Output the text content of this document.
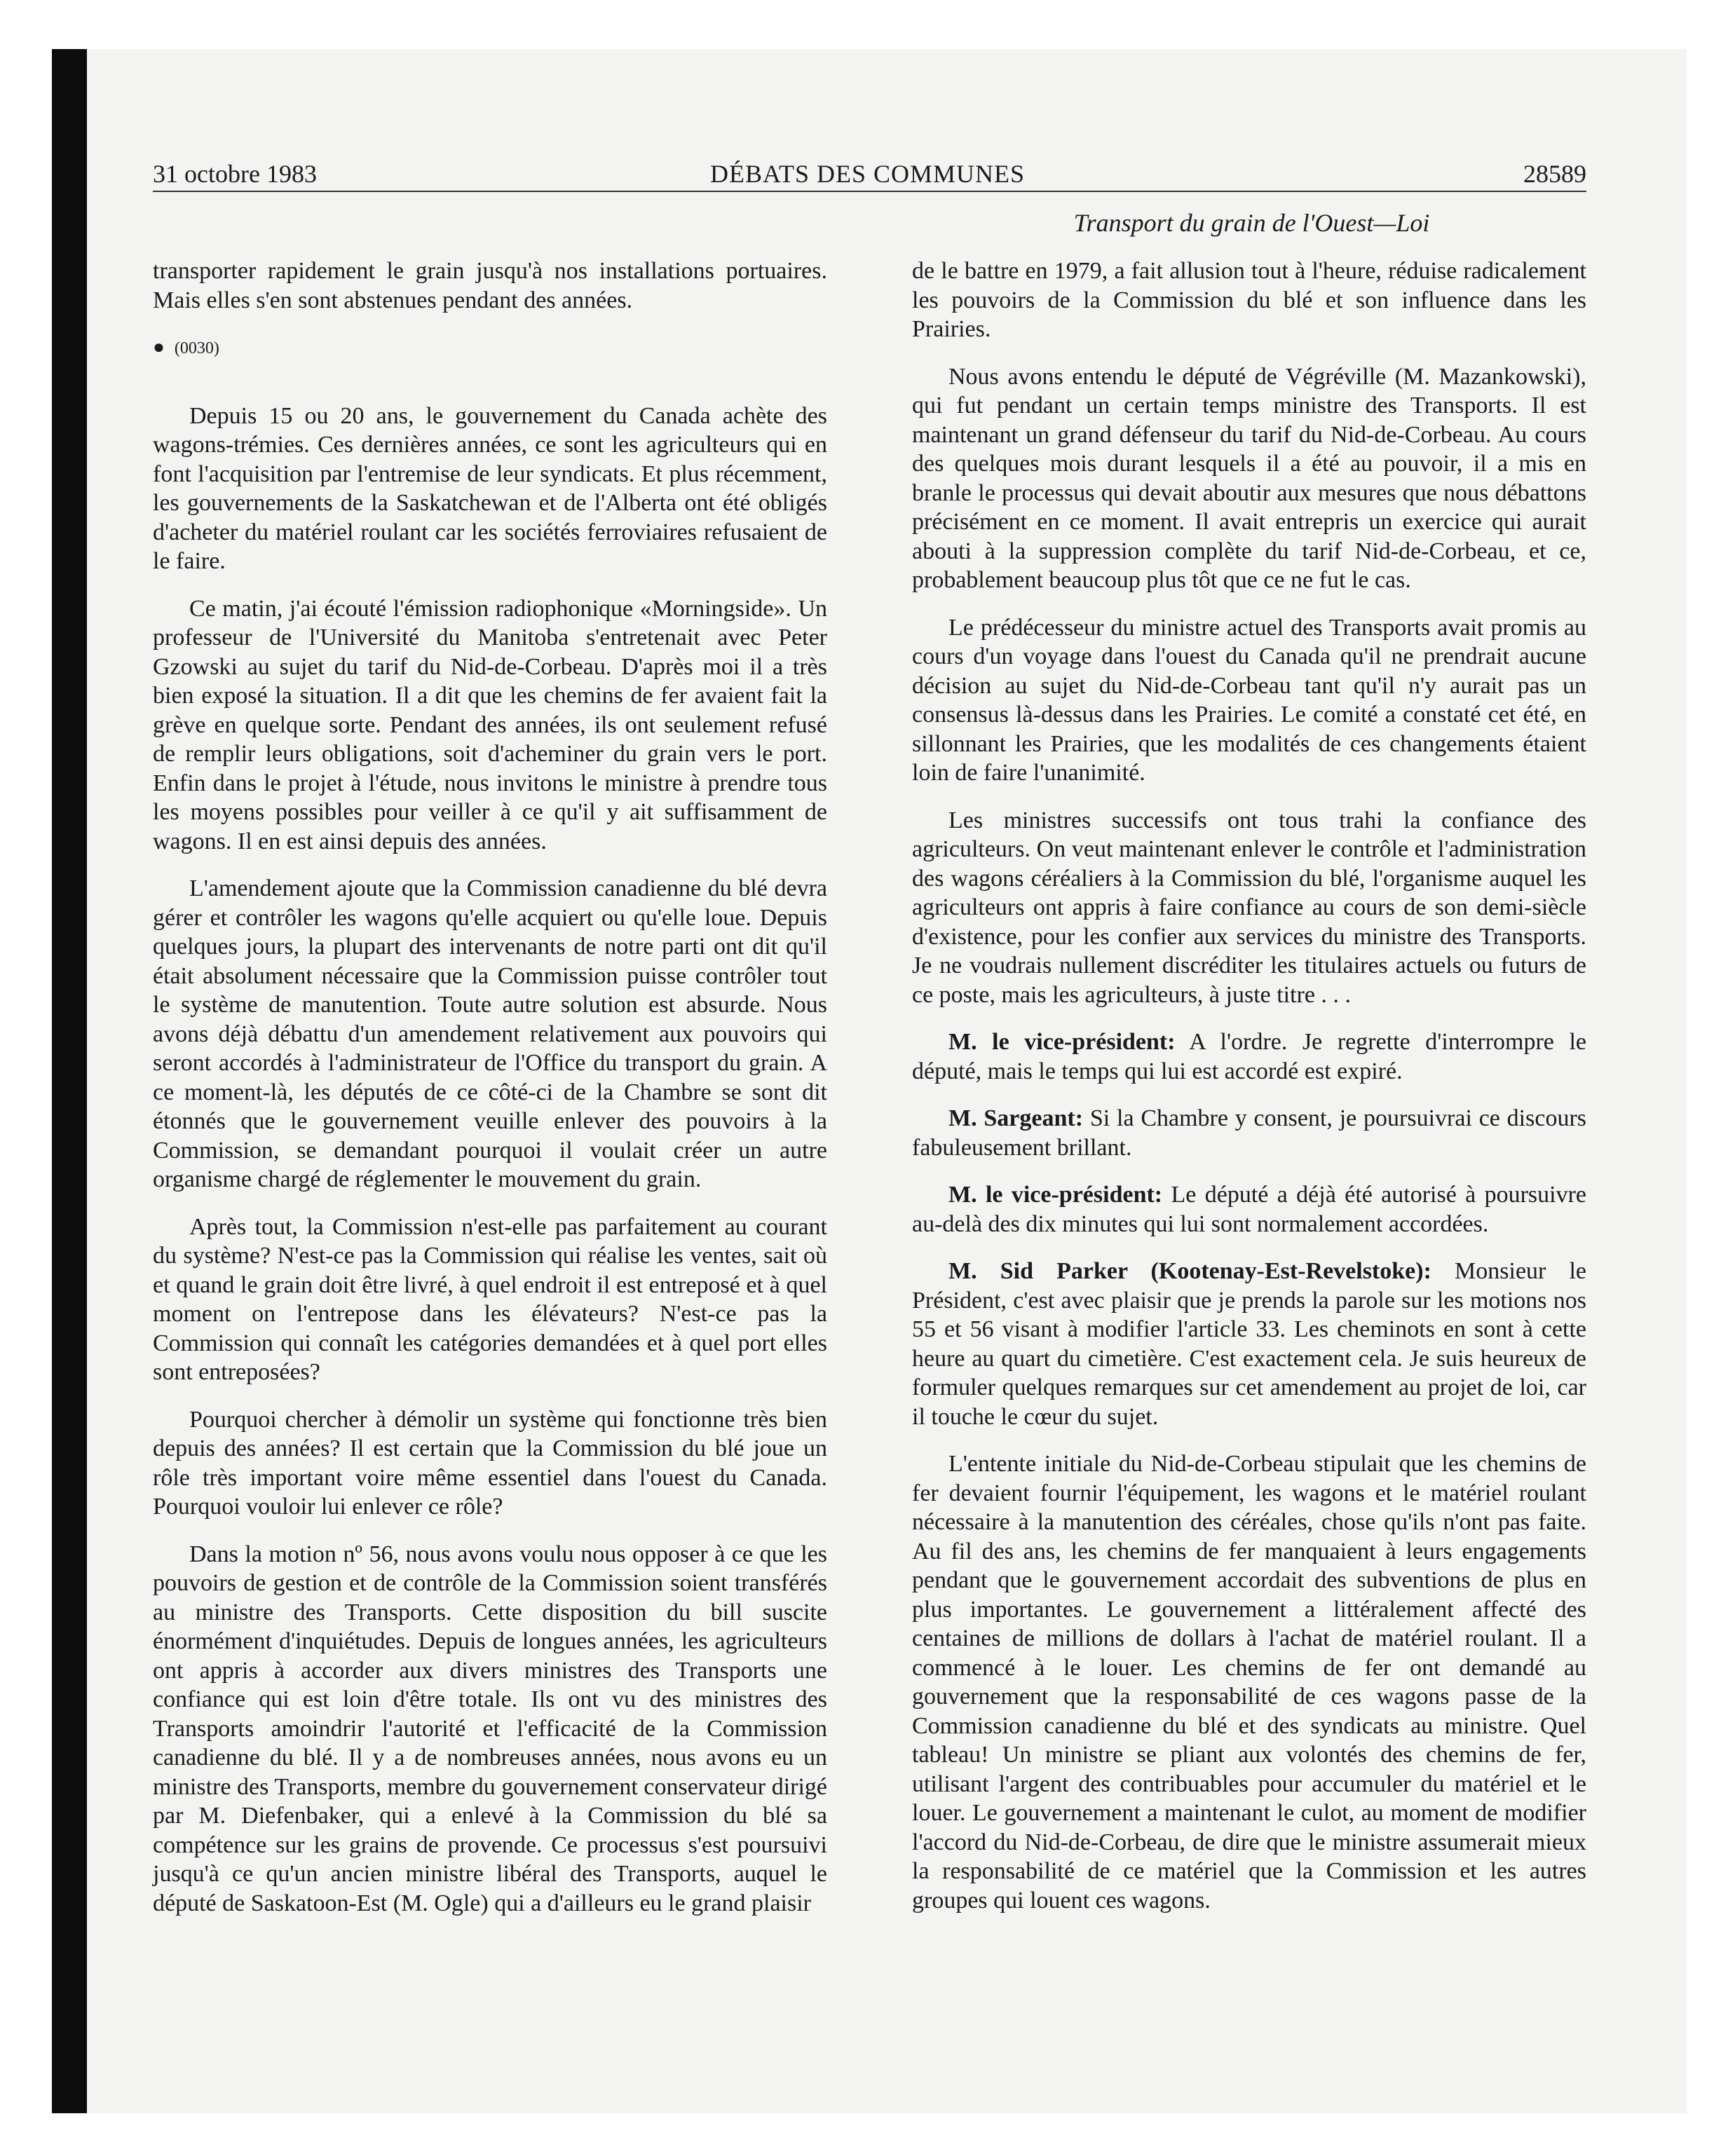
31 octobre 1983	DÉBATS DES COMMUNES	28589
Transport du grain de l'Ouest—Loi

transporter rapidement le grain jusqu'à nos installations portuaires. Mais elles s'en sont abstenues pendant des années.

● (0030)

Depuis 15 ou 20 ans, le gouvernement du Canada achète des wagons-trémies. Ces dernières années, ce sont les agriculteurs qui en font l'acquisition par l'entremise de leur syndicats. Et plus récemment, les gouvernements de la Saskatchewan et de l'Alberta ont été obligés d'acheter du matériel roulant car les sociétés ferroviaires refusaient de le faire.

Ce matin, j'ai écouté l'émission radiophonique «Morningside». Un professeur de l'Université du Manitoba s'entretenait avec Peter Gzowski au sujet du tarif du Nid-de-Corbeau. D'après moi il a très bien exposé la situation. Il a dit que les chemins de fer avaient fait la grève en quelque sorte. Pendant des années, ils ont seulement refusé de remplir leurs obligations, soit d'acheminer du grain vers le port. Enfin dans le projet à l'étude, nous invitons le ministre à prendre tous les moyens possibles pour veiller à ce qu'il y ait suffisamment de wagons. Il en est ainsi depuis des années.

L'amendement ajoute que la Commission canadienne du blé devra gérer et contrôler les wagons qu'elle acquiert ou qu'elle loue. Depuis quelques jours, la plupart des intervenants de notre parti ont dit qu'il était absolument nécessaire que la Commission puisse contrôler tout le système de manutention. Toute autre solution est absurde. Nous avons déjà débattu d'un amendement relativement aux pouvoirs qui seront accordés à l'administrateur de l'Office du transport du grain. A ce moment-là, les députés de ce côté-ci de la Chambre se sont dit étonnés que le gouvernement veuille enlever des pouvoirs à la Commission, se demandant pourquoi il voulait créer un autre organisme chargé de réglementer le mouvement du grain.

Après tout, la Commission n'est-elle pas parfaitement au courant du système? N'est-ce pas la Commission qui réalise les ventes, sait où et quand le grain doit être livré, à quel endroit il est entreposé et à quel moment on l'entrepose dans les élévateurs? N'est-ce pas la Commission qui connaît les catégories demandées et à quel port elles sont entreposées?

Pourquoi chercher à démolir un système qui fonctionne très bien depuis des années? Il est certain que la Commission du blé joue un rôle très important voire même essentiel dans l'ouest du Canada. Pourquoi vouloir lui enlever ce rôle?

Dans la motion nº 56, nous avons voulu nous opposer à ce que les pouvoirs de gestion et de contrôle de la Commission soient transférés au ministre des Transports. Cette disposition du bill suscite énormément d'inquiétudes. Depuis de longues années, les agriculteurs ont appris à accorder aux divers ministres des Transports une confiance qui est loin d'être totale. Ils ont vu des ministres des Transports amoindrir l'autorité et l'efficacité de la Commission canadienne du blé. Il y a de nombreuses années, nous avons eu un ministre des Transports, membre du gouvernement conservateur dirigé par M. Diefenbaker, qui a enlevé à la Commission du blé sa compétence sur les grains de provende. Ce processus s'est poursuivi jusqu'à ce qu'un ancien ministre libéral des Transports, auquel le député de Saskatoon-Est (M. Ogle) qui a d'ailleurs eu le grand plaisir

de le battre en 1979, a fait allusion tout à l'heure, réduise radicalement les pouvoirs de la Commission du blé et son influence dans les Prairies.

Nous avons entendu le député de Végréville (M. Mazankowski), qui fut pendant un certain temps ministre des Transports. Il est maintenant un grand défenseur du tarif du Nid-de-Corbeau. Au cours des quelques mois durant lesquels il a été au pouvoir, il a mis en branle le processus qui devait aboutir aux mesures que nous débattons précisément en ce moment. Il avait entrepris un exercice qui aurait abouti à la suppression complète du tarif Nid-de-Corbeau, et ce, probablement beaucoup plus tôt que ce ne fut le cas.

Le prédécesseur du ministre actuel des Transports avait promis au cours d'un voyage dans l'ouest du Canada qu'il ne prendrait aucune décision au sujet du Nid-de-Corbeau tant qu'il n'y aurait pas un consensus là-dessus dans les Prairies. Le comité a constaté cet été, en sillonnant les Prairies, que les modalités de ces changements étaient loin de faire l'unanimité.

Les ministres successifs ont tous trahi la confiance des agriculteurs. On veut maintenant enlever le contrôle et l'administration des wagons céréaliers à la Commission du blé, l'organisme auquel les agriculteurs ont appris à faire confiance au cours de son demi-siècle d'existence, pour les confier aux services du ministre des Transports. Je ne voudrais nullement discréditer les titulaires actuels ou futurs de ce poste, mais les agriculteurs, à juste titre . . .

M. le vice-président: A l'ordre. Je regrette d'interrompre le député, mais le temps qui lui est accordé est expiré.

M. Sargeant: Si la Chambre y consent, je poursuivrai ce discours fabuleusement brillant.

M. le vice-président: Le député a déjà été autorisé à poursuivre au-delà des dix minutes qui lui sont normalement accordées.

M. Sid Parker (Kootenay-Est-Revelstoke): Monsieur le Président, c'est avec plaisir que je prends la parole sur les motions nos 55 et 56 visant à modifier l'article 33. Les cheminots en sont à cette heure au quart du cimetière. C'est exactement cela. Je suis heureux de formuler quelques remarques sur cet amendement au projet de loi, car il touche le cœur du sujet.

L'entente initiale du Nid-de-Corbeau stipulait que les chemins de fer devaient fournir l'équipement, les wagons et le matériel roulant nécessaire à la manutention des céréales, chose qu'ils n'ont pas faite. Au fil des ans, les chemins de fer manquaient à leurs engagements pendant que le gouvernement accordait des subventions de plus en plus importantes. Le gouvernement a littéralement affecté des centaines de millions de dollars à l'achat de matériel roulant. Il a commencé à le louer. Les chemins de fer ont demandé au gouvernement que la responsabilité de ces wagons passe de la Commission canadienne du blé et des syndicats au ministre. Quel tableau! Un ministre se pliant aux volontés des chemins de fer, utilisant l'argent des contribuables pour accumuler du matériel et le louer. Le gouvernement a maintenant le culot, au moment de modifier l'accord du Nid-de-Corbeau, de dire que le ministre assumerait mieux la responsabilité de ce matériel que la Commission et les autres groupes qui louent ces wagons.
